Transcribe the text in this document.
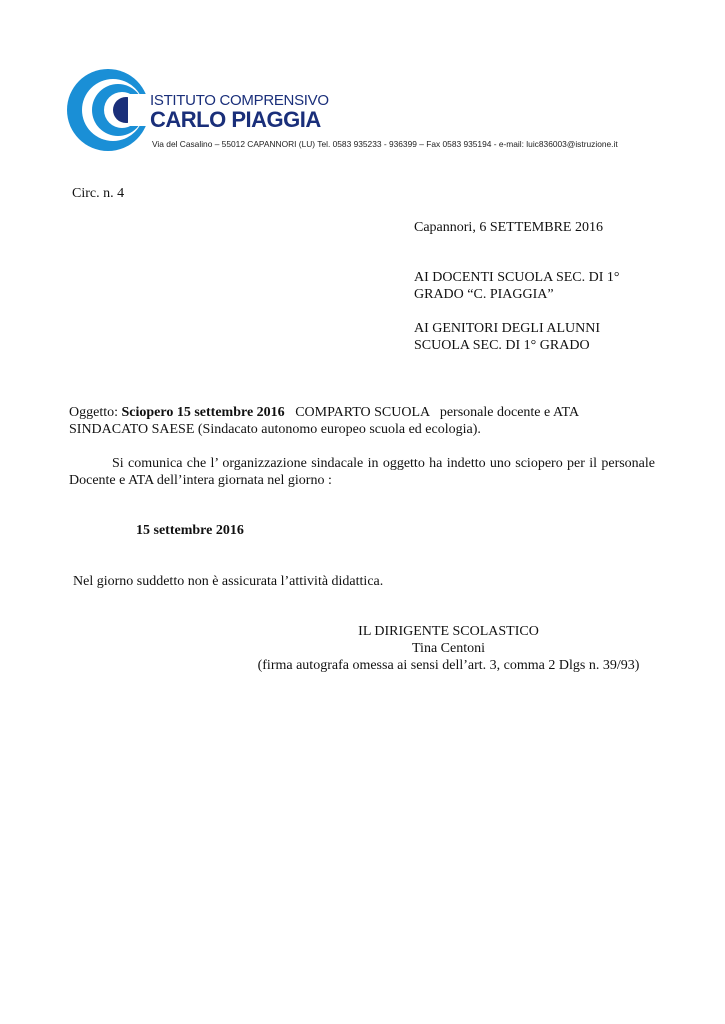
ISTITUTO COMPRENSIVO
CARLO PIAGGIA
Via del Casalino – 55012 CAPANNORI (LU) Tel. 0583 935233 - 936399 – Fax 0583 935194 - e-mail: luic836003@istruzione.it
Circ. n. 4
Capannori, 6 SETTEMBRE 2016
AI DOCENTI SCUOLA SEC. DI 1°
GRADO “C. PIAGGIA”
AI GENITORI DEGLI ALUNNI
SCUOLA SEC. DI 1° GRADO
Oggetto: Sciopero 15 settembre 2016   COMPARTO SCUOLA   personale docente e ATA
SINDACATO SAESE (Sindacato autonomo europeo scuola ed ecologia).
Si comunica che l’ organizzazione sindacale in oggetto ha indetto uno sciopero per il personale Docente e ATA dell’intera giornata nel giorno :
15 settembre 2016
Nel giorno suddetto non è assicurata l’attività didattica.
IL DIRIGENTE SCOLASTICO
Tina Centoni
(firma autografa omessa ai sensi dell’art. 3, comma 2 Dlgs n. 39/93)
